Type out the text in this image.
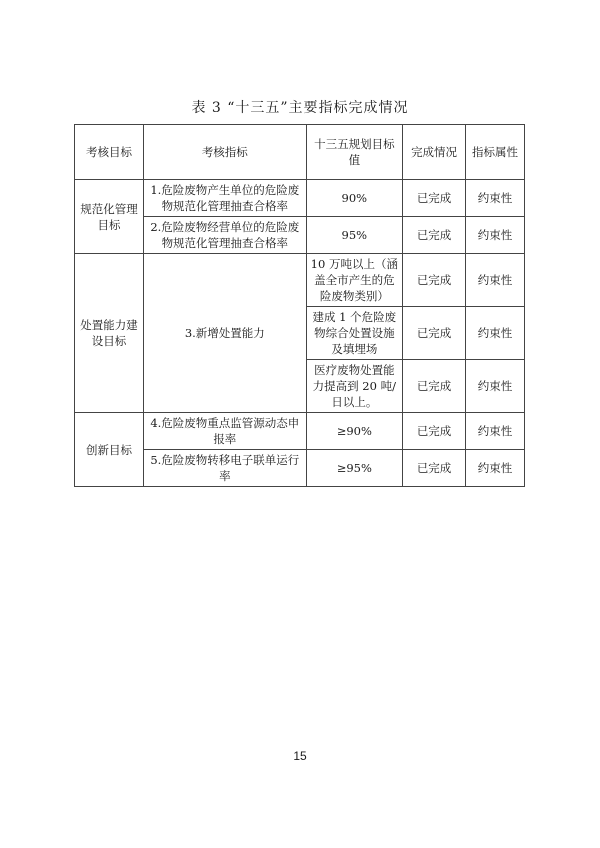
表 3 “十三五”主要指标完成情况
考核目标	考核指标	十三五规划目标值	完成情况	指标属性
规范化管理目标	1.危险废物产生单位的危险废物规范化管理抽查合格率	90%	已完成	约束性
	2.危险废物经营单位的危险废物规范化管理抽查合格率	95%	已完成	约束性
处置能力建设目标	3.新增处置能力	10 万吨以上（涵盖全市产生的危险废物类别）	已完成	约束性
		建成 1 个危险废物综合处置设施及填埋场	已完成	约束性
		医疗废物处置能力提高到 20 吨/日以上。	已完成	约束性
创新目标	4.危险废物重点监管源动态申报率	≥90%	已完成	约束性
	5.危险废物转移电子联单运行率	≥95%	已完成	约束性
15
